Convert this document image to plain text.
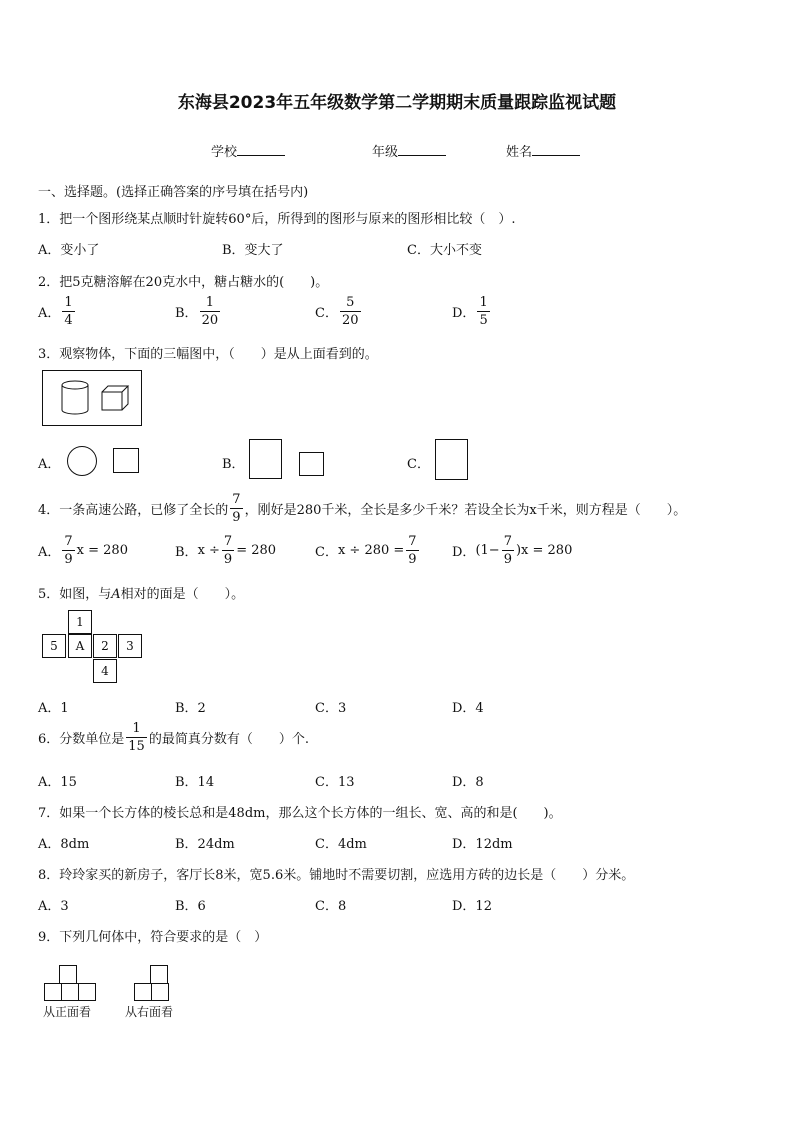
东海县2023年五年级数学第二学期期末质量跟踪监视试题
学校	年级	姓名
一、选择题。(选择正确答案的序号填在括号内)
1．把一个图形绕某点顺时针旋转60°后，所得到的图形与原来的图形相比较（　）.
A．变小了	B．变大了	C．大小不变
2．把5克糖溶解在20克水中，糖占糖水的(　　)。
A． $\frac{1}{4}$	B． $\frac{1}{20}$	C． $\frac{5}{20}$	D． $\frac{1}{5}$
3．观察物体，下面的三幅图中，（　　）是从上面看到的。
A．	B．	C．
4．一条高速公路，已修了全长的 $\frac{7}{9}$ ，刚好是280千米，全长是多少千米？若设全长为x千米，则方程是（　　）。
A． $\frac{7}{9}$ x = 280	B．$x \div \frac{7}{9} = 280$	C．$x \div 280 = \frac{7}{9}$	D．$(1- \frac{7}{9} )x = 280$
5．如图，与A相对的面是（　　）。
1
5	A	2	3
4
A．1	B．2	C．3	D．4
6．分数单位是 $\frac{1}{15}$ 的最简真分数有（　　）个.
A．15	B．14	C．13	D．8
7．如果一个长方体的棱长总和是48dm，那么这个长方体的一组长、宽、高的和是(　　)。
A．8dm	B．24dm	C．4dm	D．12dm
8．玲玲家买的新房子，客厅长8米，宽5.6米。铺地时不需要切割，应选用方砖的边长是（　　）分米。
A．3	B．6	C．8	D．12
9．下列几何体中，符合要求的是（　）
从正面看	从右面看
